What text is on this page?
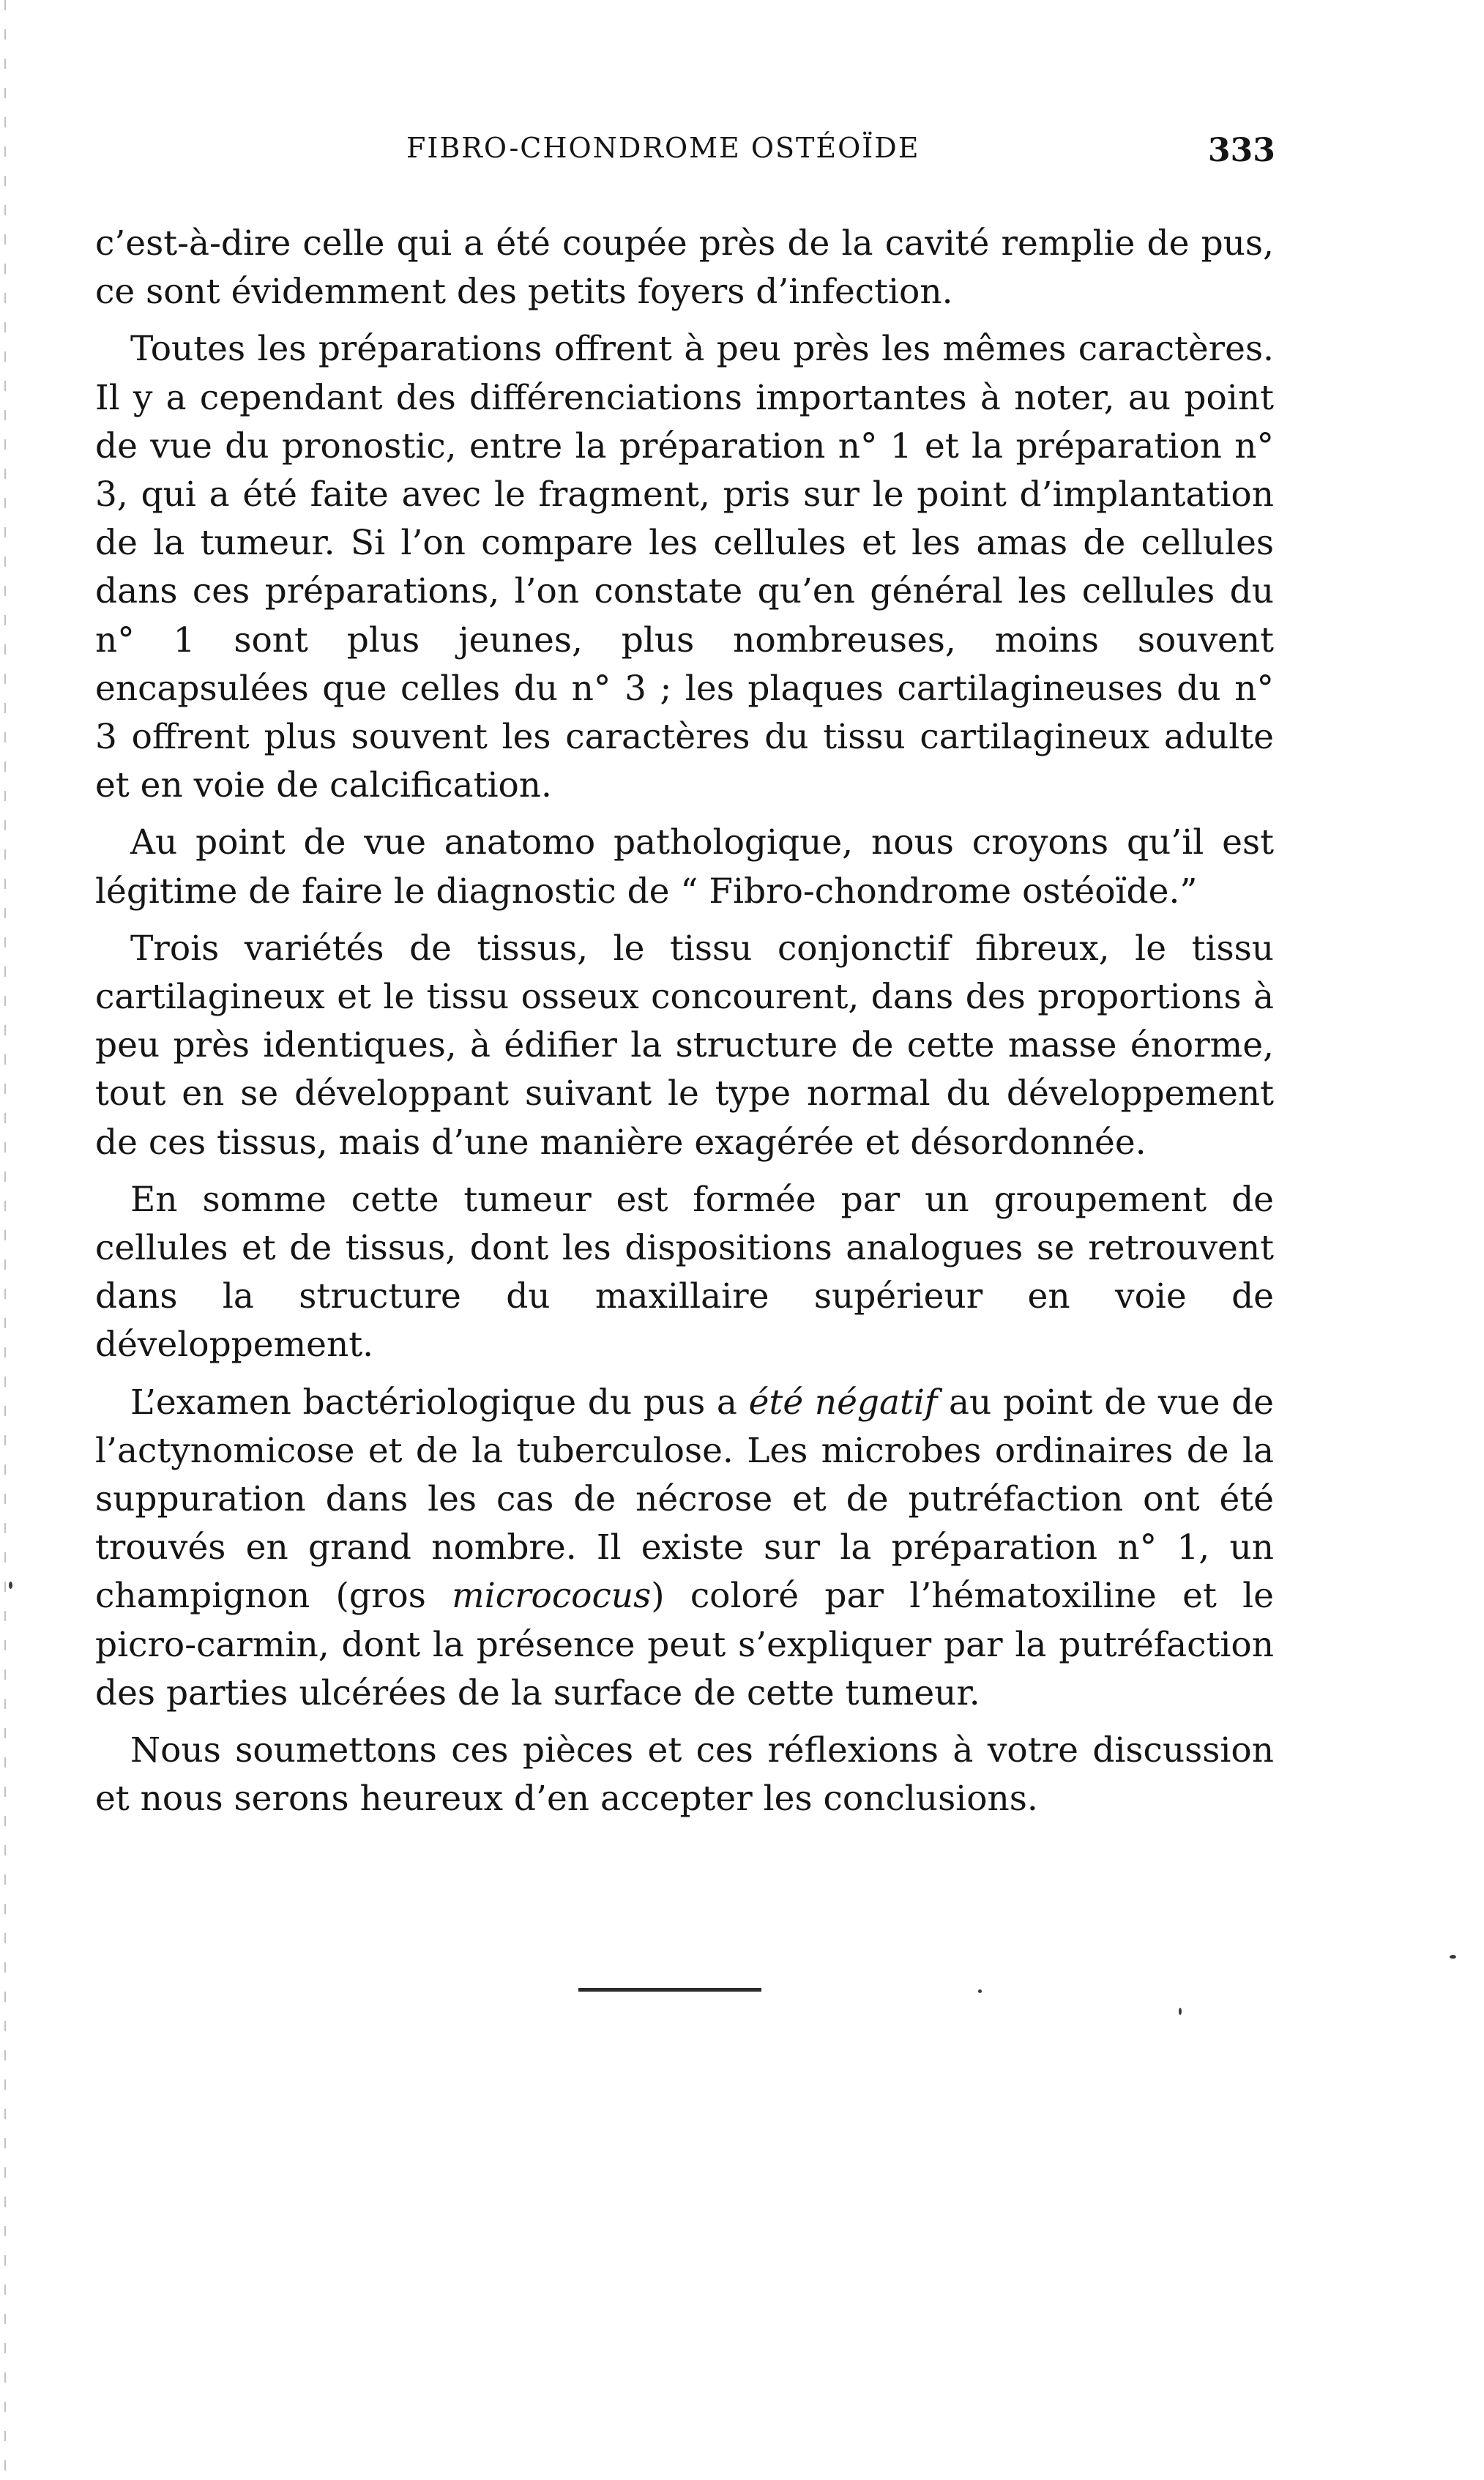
FIBRO-CHONDROME OSTÉOÏDE	333

c’est-à-dire celle qui a été coupée près de la cavité remplie de pus, ce sont évidemment des petits foyers d’infection.

Toutes les préparations offrent à peu près les mêmes caractères. Il y a cependant des différenciations importantes à noter, au point de vue du pronostic, entre la préparation n° 1 et la préparation n° 3, qui a été faite avec le fragment, pris sur le point d’implantation de la tumeur. Si l’on compare les cellules et les amas de cellules dans ces préparations, l’on constate qu’en général les cellules du n° 1 sont plus jeunes, plus nombreuses, moins souvent encapsulées que celles du n° 3 ; les plaques cartilagineuses du n° 3 offrent plus souvent les caractères du tissu cartilagineux adulte et en voie de calcification.

Au point de vue anatomo pathologique, nous croyons qu’il est légitime de faire le diagnostic de “ Fibro-chondrome ostéoïde.”

Trois variétés de tissus, le tissu conjonctif fibreux, le tissu cartilagineux et le tissu osseux concourent, dans des proportions à peu près identiques, à édifier la structure de cette masse énorme, tout en se développant suivant le type normal du développement de ces tissus, mais d’une manière exagérée et désordonnée.

En somme cette tumeur est formée par un groupement de cellules et de tissus, dont les dispositions analogues se retrouvent dans la structure du maxillaire supérieur en voie de développement.

L’examen bactériologique du pus a été négatif au point de vue de l’actynomicose et de la tuberculose. Les microbes ordinaires de la suppuration dans les cas de nécrose et de putréfaction ont été trouvés en grand nombre. Il existe sur la préparation n° 1, un champignon (gros micrococus) coloré par l’hématoxiline et le picro-carmin, dont la présence peut s’expliquer par la putréfaction des parties ulcérées de la surface de cette tumeur.

Nous soumettons ces pièces et ces réflexions à votre discussion et nous serons heureux d’en accepter les conclusions.
